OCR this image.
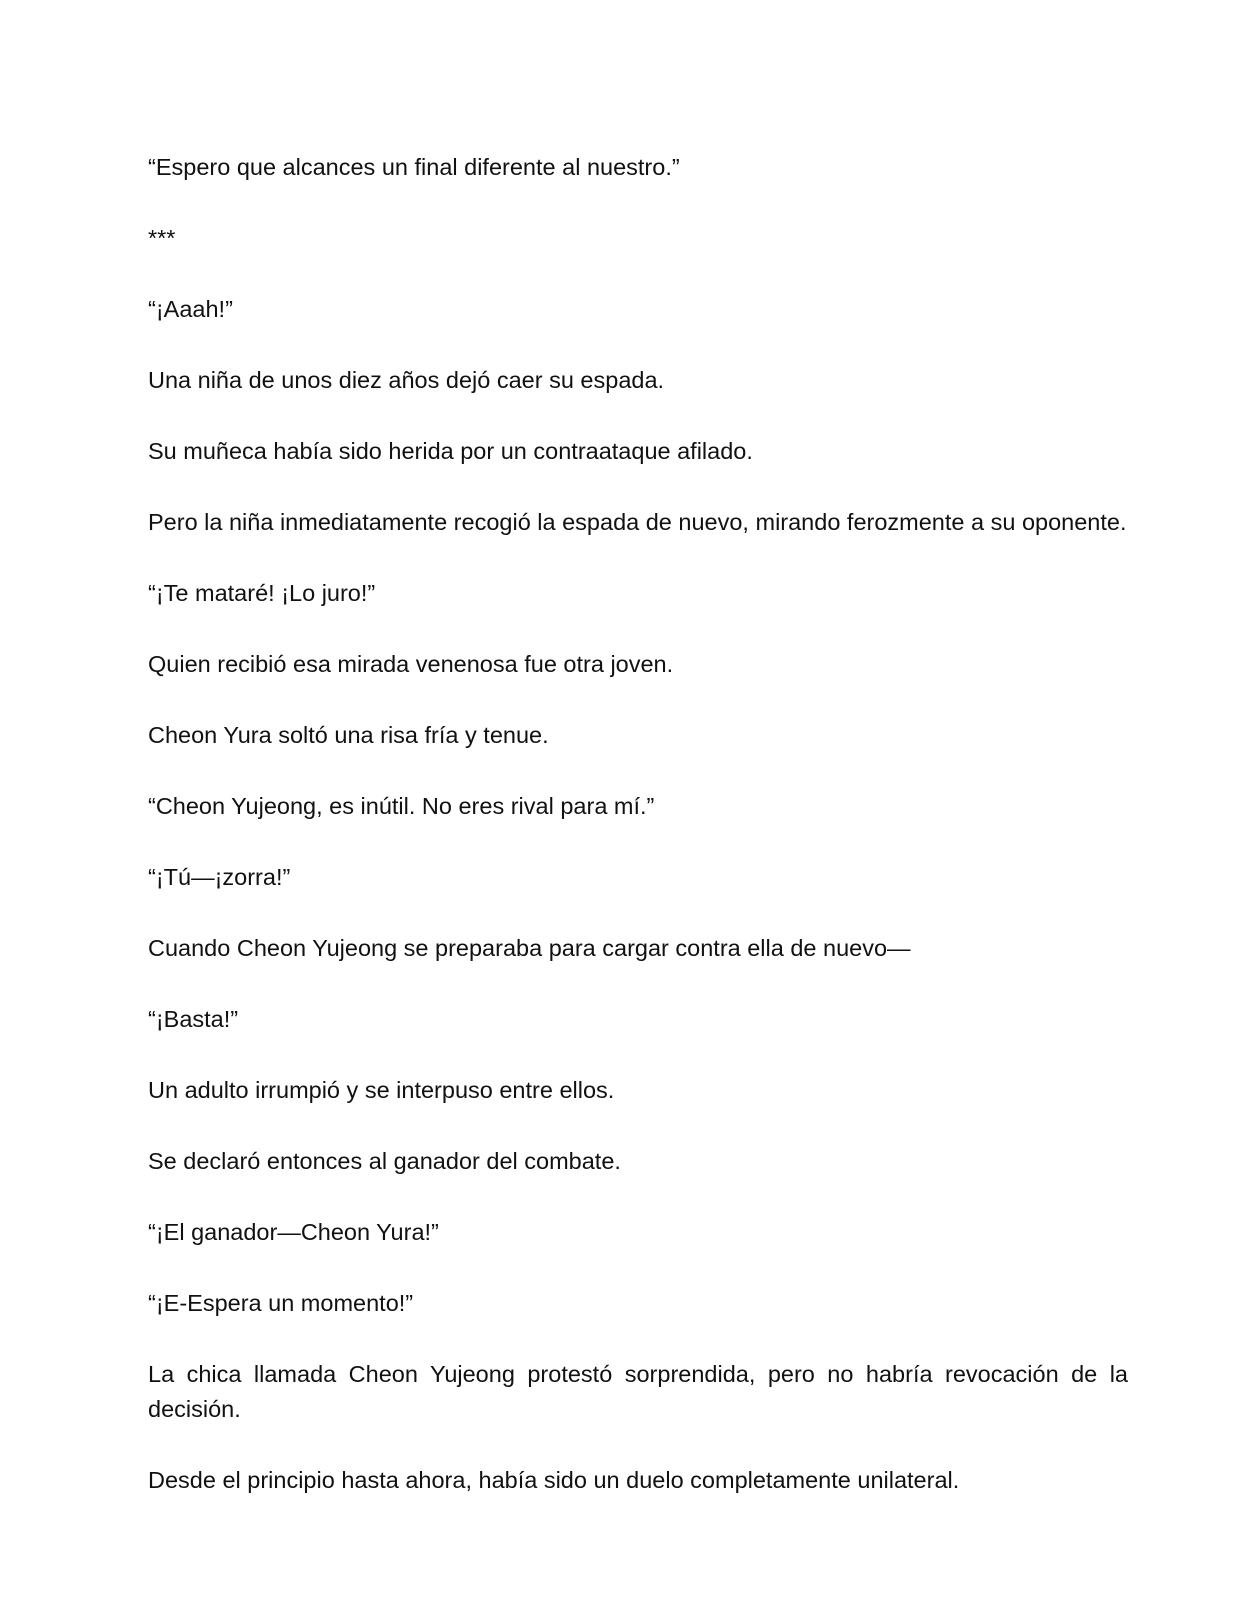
“Espero que alcances un final diferente al nuestro.”

***

“¡Aaah!”

Una niña de unos diez años dejó caer su espada.

Su muñeca había sido herida por un contraataque afilado.

Pero la niña inmediatamente recogió la espada de nuevo, mirando ferozmente a su oponente.

“¡Te mataré! ¡Lo juro!”

Quien recibió esa mirada venenosa fue otra joven.

Cheon Yura soltó una risa fría y tenue.

“Cheon Yujeong, es inútil. No eres rival para mí.”

“¡Tú—¡zorra!”

Cuando Cheon Yujeong se preparaba para cargar contra ella de nuevo—

“¡Basta!”

Un adulto irrumpió y se interpuso entre ellos.

Se declaró entonces al ganador del combate.

“¡El ganador—Cheon Yura!”

“¡E-Espera un momento!”

La chica llamada Cheon Yujeong protestó sorprendida, pero no habría revocación de la decisión.

Desde el principio hasta ahora, había sido un duelo completamente unilateral.
